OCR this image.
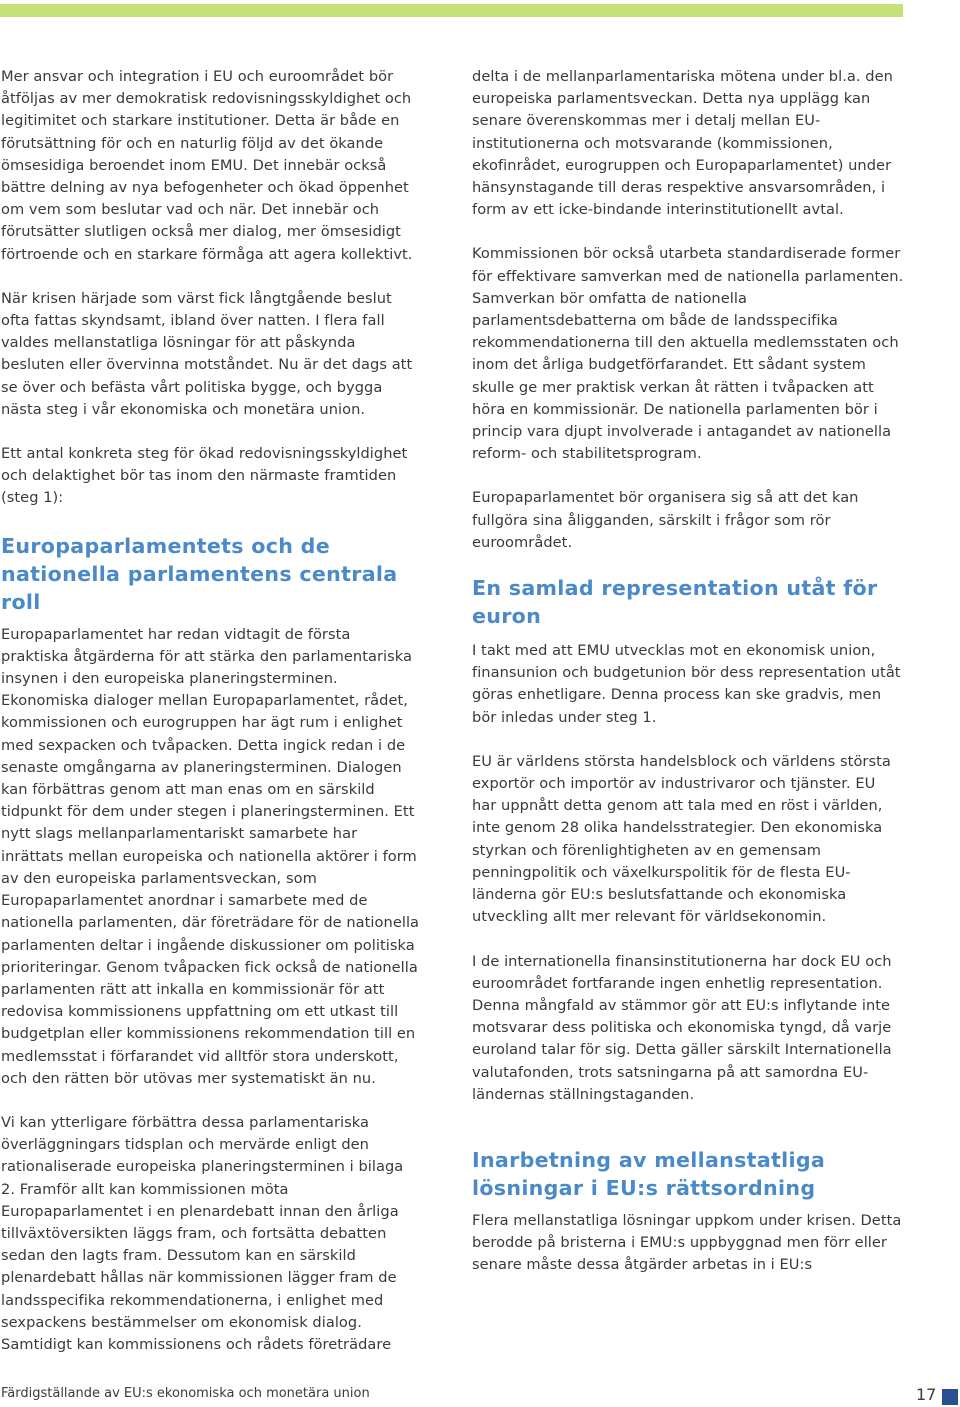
Mer ansvar och integration i EU och euroområdet bör åtföljas av mer demokratisk redovisningsskyldighet och legitimitet och starkare institutioner. Detta är både en förutsättning för och en naturlig följd av det ökande ömsesidiga beroendet inom EMU. Det innebär också bättre delning av nya befogenheter och ökad öppenhet om vem som beslutar vad och när. Det innebär och förutsätter slutligen också mer dialog, mer ömsesidigt förtroende och en starkare förmåga att agera kollektivt.

När krisen härjade som värst fick långtgående beslut ofta fattas skyndsamt, ibland över natten. I flera fall valdes mellanstatliga lösningar för att påskynda besluten eller övervinna motståndet. Nu är det dags att se över och befästa vårt politiska bygge, och bygga nästa steg i vår ekonomiska och monetära union.

Ett antal konkreta steg för ökad redovisningsskyldighet och delaktighet bör tas inom den närmaste framtiden (steg 1):

Europaparlamentets och de nationella parlamentens centrala roll

Europaparlamentet har redan vidtagit de första praktiska åtgärderna för att stärka den parlamentariska insynen i den europeiska planeringsterminen. Ekonomiska dialoger mellan Europaparlamentet, rådet, kommissionen och eurogruppen har ägt rum i enlighet med sexpacken och tvåpacken. Detta ingick redan i de senaste omgångarna av planeringsterminen. Dialogen kan förbättras genom att man enas om en särskild tidpunkt för dem under stegen i planeringsterminen. Ett nytt slags mellanparlamentariskt samarbete har inrättats mellan europeiska och nationella aktörer i form av den europeiska parlamentsveckan, som Europaparlamentet anordnar i samarbete med de nationella parlamenten, där företrädare för de nationella parlamenten deltar i ingående diskussioner om politiska prioriteringar. Genom tvåpacken fick också de nationella parlamenten rätt att inkalla en kommissionär för att redovisa kommissionens uppfattning om ett utkast till budgetplan eller kommissionens rekommendation till en medlemsstat i förfarandet vid alltför stora underskott, och den rätten bör utövas mer systematiskt än nu.

Vi kan ytterligare förbättra dessa parlamentariska överläggningars tidsplan och mervärde enligt den rationaliserade europeiska planeringsterminen i bilaga 2. Framför allt kan kommissionen möta Europaparlamentet i en plenardebatt innan den årliga tillväxtöversikten läggs fram, och fortsätta debatten sedan den lagts fram. Dessutom kan en särskild plenardebatt hållas när kommissionen lägger fram de landsspecifika rekommendationerna, i enlighet med sexpackens bestämmelser om ekonomisk dialog. Samtidigt kan kommissionens och rådets företrädare

delta i de mellanparlamentariska mötena under bl.a. den europeiska parlamentsveckan. Detta nya upplägg kan senare överenskommas mer i detalj mellan EU-institutionerna och motsvarande (kommissionen, ekofinrådet, eurogruppen och Europaparlamentet) under hänsynstagande till deras respektive ansvarsområden, i form av ett icke-bindande interinstitutionellt avtal.

Kommissionen bör också utarbeta standardiserade former för effektivare samverkan med de nationella parlamenten. Samverkan bör omfatta de nationella parlamentsdebatterna om både de landsspecifika rekommendationerna till den aktuella medlemsstaten och inom det årliga budgetförfarandet. Ett sådant system skulle ge mer praktisk verkan åt rätten i tvåpacken att höra en kommissionär. De nationella parlamenten bör i princip vara djupt involverade i antagandet av nationella reform- och stabilitetsprogram.

Europaparlamentet bör organisera sig så att det kan fullgöra sina åligganden, särskilt i frågor som rör euroområdet.

En samlad representation utåt för euron

I takt med att EMU utvecklas mot en ekonomisk union, finansunion och budgetunion bör dess representation utåt göras enhetligare. Denna process kan ske gradvis, men bör inledas under steg 1.

EU är världens största handelsblock och världens största exportör och importör av industrivaror och tjänster. EU har uppnått detta genom att tala med en röst i världen, inte genom 28 olika handelsstrategier. Den ekonomiska styrkan och förenlightigheten av en gemensam penningpolitik och växelkurspolitik för de flesta EU-länderna gör EU:s beslutsfattande och ekonomiska utveckling allt mer relevant för världsekonomin.

I de internationella finansinstitutionerna har dock EU och euroområdet fortfarande ingen enhetlig representation. Denna mångfald av stämmor gör att EU:s inflytande inte motsvarar dess politiska och ekonomiska tyngd, då varje euroland talar för sig. Detta gäller särskilt Internationella valutafonden, trots satsningarna på att samordna EU-ländernas ställningstaganden.

Inarbetning av mellanstatliga lösningar i EU:s rättsordning

Flera mellanstatliga lösningar uppkom under krisen. Detta berodde på bristerna i EMU:s uppbyggnad men förr eller senare måste dessa åtgärder arbetas in i EU:s

Färdigställande av EU:s ekonomiska och monetära union	17
